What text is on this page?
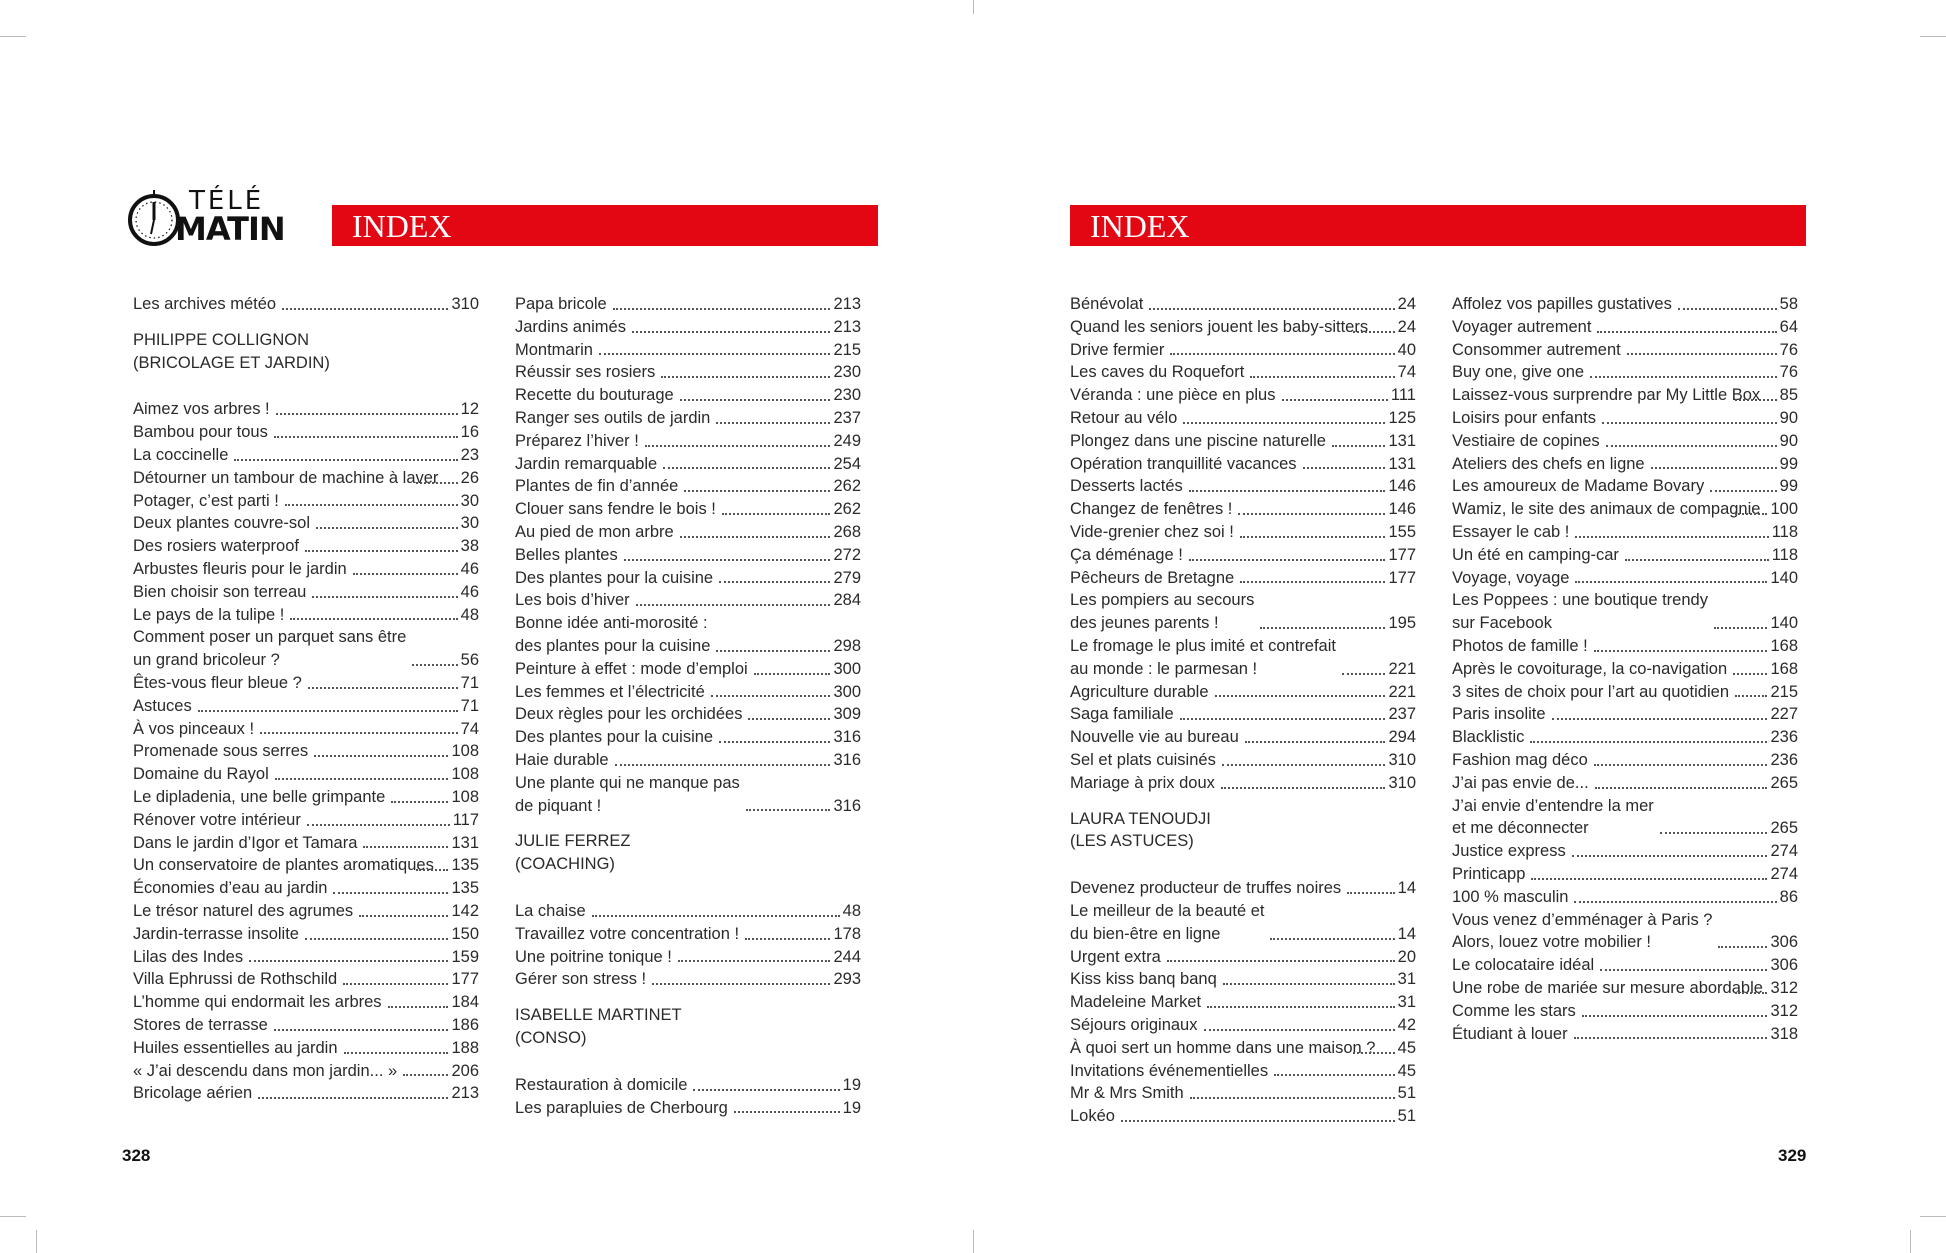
TÉLÉ
MATIN INDEX	INDEX
Les archives météo	310
PHILIPPE COLLIGNON
(BRICOLAGE ET JARDIN)
Aimez vos arbres !	12
Bambou pour tous	16
La coccinelle	23
Détourner un tambour de machine à laver 26
Potager, c’est parti !	30
Deux plantes couvre-sol	30
Des rosiers waterproof	38
Arbustes fleuris pour le jardin	46
Bien choisir son terreau	46
Le pays de la tulipe !	48
Comment poser un parquet sans être
un grand bricoleur ?	56
Êtes-vous fleur bleue ?	71
Astuces	71
À vos pinceaux !	74
Promenade sous serres	108
Domaine du Rayol	108
Le dipladenia, une belle grimpante	108
Rénover votre intérieur	117
Dans le jardin d’Igor et Tamara	131
Un conservatoire de plantes aromatiques 135
Économies d’eau au jardin	135
Le trésor naturel des agrumes	142
Jardin-terrasse insolite	150
Lilas des Indes	159
Villa Ephrussi de Rothschild	177
L’homme qui endormait les arbres	184
Stores de terrasse	186
Huiles essentielles au jardin	188
« J’ai descendu dans mon jardin... »	206
Bricolage aérien	213
Papa bricole	213
Jardins animés	213
Montmarin	215
Réussir ses rosiers	230
Recette du bouturage	230
Ranger ses outils de jardin	237
Préparez l’hiver !	249
Jardin remarquable	254
Plantes de fin d’année	262
Clouer sans fendre le bois !	262
Au pied de mon arbre	268
Belles plantes	272
Des plantes pour la cuisine	279
Les bois d’hiver	284
Bonne idée anti-morosité :
des plantes pour la cuisine	298
Peinture à effet : mode d’emploi	300
Les femmes et l’électricité	300
Deux règles pour les orchidées	309
Des plantes pour la cuisine	316
Haie durable	316
Une plante qui ne manque pas
de piquant !	316
JULIE FERREZ
(COACHING)
La chaise	48
Travaillez votre concentration !	178
Une poitrine tonique !	244
Gérer son stress !	293
ISABELLE MARTINET
(CONSO)
Restauration à domicile	19
Les parapluies de Cherbourg	19
Bénévolat	24
Quand les seniors jouent les baby-sitters 24
Drive fermier	40
Les caves du Roquefort	74
Véranda : une pièce en plus	111
Retour au vélo	125
Plongez dans une piscine naturelle	131
Opération tranquillité vacances	131
Desserts lactés	146
Changez de fenêtres !	146
Vide-grenier chez soi !	155
Ça déménage !	177
Pêcheurs de Bretagne	177
Les pompiers au secours
des jeunes parents !	195
Le fromage le plus imité et contrefait
au monde : le parmesan !	221
Agriculture durable	221
Saga familiale	237
Nouvelle vie au bureau	294
Sel et plats cuisinés	310
Mariage à prix doux	310
LAURA TENOUDJI
(LES ASTUCES)
Devenez producteur de truffes noires	14
Le meilleur de la beauté et
du bien-être en ligne	14
Urgent extra	20
Kiss kiss banq banq	31
Madeleine Market	31
Séjours originaux	42
À quoi sert un homme dans une maison ? 45
Invitations événementielles	45
Mr & Mrs Smith	51
Lokéo	51
Affolez vos papilles gustatives	58
Voyager autrement	64
Consommer autrement	76
Buy one, give one	76
Laissez-vous surprendre par My Little Box 85
Loisirs pour enfants	90
Vestiaire de copines	90
Ateliers des chefs en ligne	99
Les amoureux de Madame Bovary	99
Wamiz, le site des animaux de compagnie 100
Essayer le cab !	118
Un été en camping-car	118
Voyage, voyage	140
Les Poppees : une boutique trendy
sur Facebook	140
Photos de famille !	168
Après le covoiturage, la co-navigation	168
3 sites de choix pour l’art au quotidien	215
Paris insolite	227
Blacklistic	236
Fashion mag déco	236
J’ai pas envie de...	265
J’ai envie d’entendre la mer
et me déconnecter	265
Justice express	274
Printicapp	274
100 % masculin	86
Vous venez d’emménager à Paris ?
Alors, louez votre mobilier !	306
Le colocataire idéal	306
Une robe de mariée sur mesure abordable 312
Comme les stars	312
Étudiant à louer	318
328	329
